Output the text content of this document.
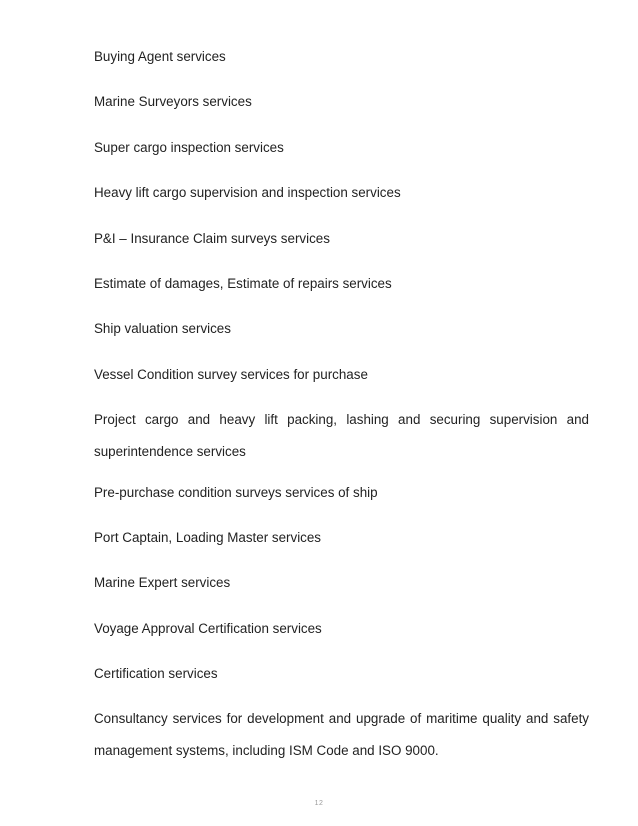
Buying Agent services
Marine Surveyors services
Super cargo inspection services
Heavy lift cargo supervision and inspection services
P&I – Insurance Claim surveys services
Estimate of damages, Estimate of repairs services
Ship valuation services
Vessel Condition survey services for purchase
Project cargo and heavy lift packing, lashing and securing supervision and superintendence services
Pre-purchase condition surveys services of ship
Port Captain, Loading Master services
Marine Expert services
Voyage Approval Certification services
Certification services
Consultancy services for development and upgrade of maritime quality and safety management systems, including ISM Code and ISO 9000.
12
